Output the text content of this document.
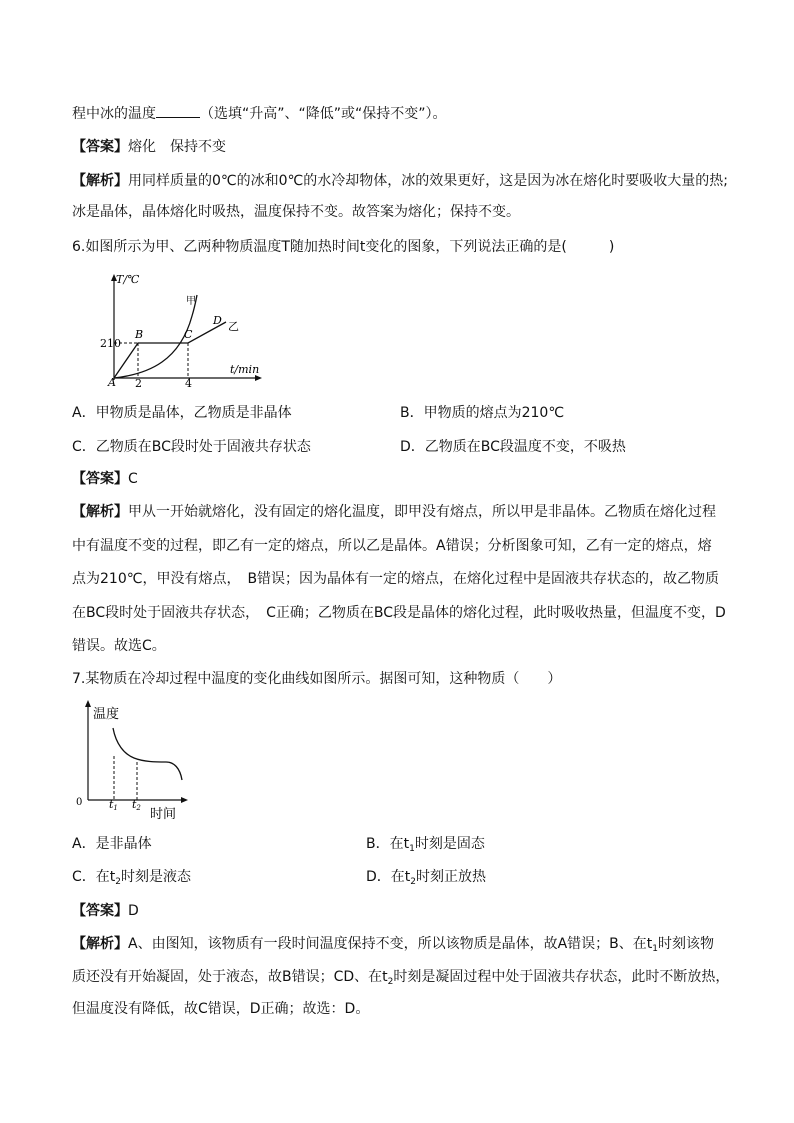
程中冰的温度	（选填“升高”、“降低”或“保持不变”）。
【答案】熔化　保持不变
【解析】用同样质量的0℃的冰和0℃的水冷却物体，冰的效果更好，这是因为冰在熔化时要吸收大量的热;
冰是晶体，晶体熔化时吸热，温度保持不变。故答案为熔化；保持不变。
6.如图所示为甲、乙两种物质温度T随加热时间t变化的图象，下列说法正确的是(　　　)
T/℃
210
t/min
2	4
A
B	C
D
甲
乙
A．甲物质是晶体，乙物质是非晶体	B．甲物质的熔点为210℃
C．乙物质在BC段时处于固液共存状态	D．乙物质在BC段温度不变，不吸热
【答案】C
【解析】甲从一开始就熔化，没有固定的熔化温度，即甲没有熔点，所以甲是非晶体。乙物质在熔化过程
中有温度不变的过程，即乙有一定的熔点，所以乙是晶体。A错误；分析图象可知，乙有一定的熔点，熔
点为210℃，甲没有熔点，　B错误；因为晶体有一定的熔点，在熔化过程中是固液共存状态的，故乙物质
在BC段时处于固液共存状态，　C正确；乙物质在BC段是晶体的熔化过程，此时吸收热量，但温度不变，D
错误。故选C。
7.某物质在冷却过程中温度的变化曲线如图所示。据图可知，这种物质（　　）
温度
0
时间
t1 t2
A．是非晶体	B．在$t_1$时刻是固态
C．在$t_2$时刻是液态	D．在$t_2$时刻正放热
【答案】D
【解析】A、由图知，该物质有一段时间温度保持不变，所以该物质是晶体，故A错误；B、在$t_1$时刻该物
质还没有开始凝固，处于液态，故B错误；CD、在$t_2$时刻是凝固过程中处于固液共存状态，此时不断放热，
但温度没有降低，故C错误，D正确；故选：D。
